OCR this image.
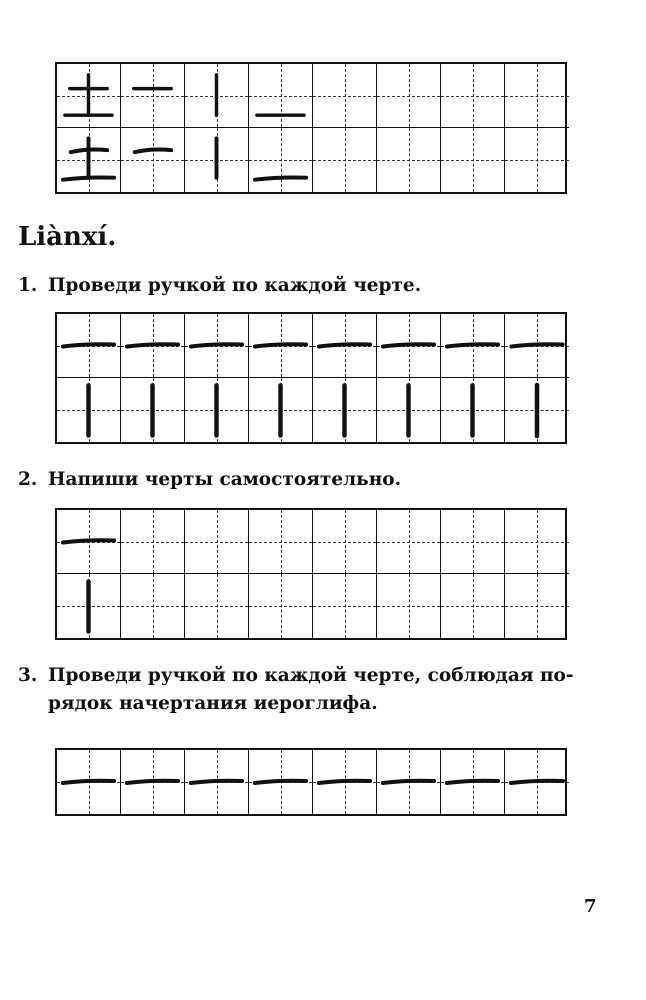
Liànxí.

1. Проведи ручкой по каждой черте.

2. Напиши черты самостоятельно.

3. Проведи ручкой по каждой черте, соблюдая по-
рядок начертания иероглифа.

7
